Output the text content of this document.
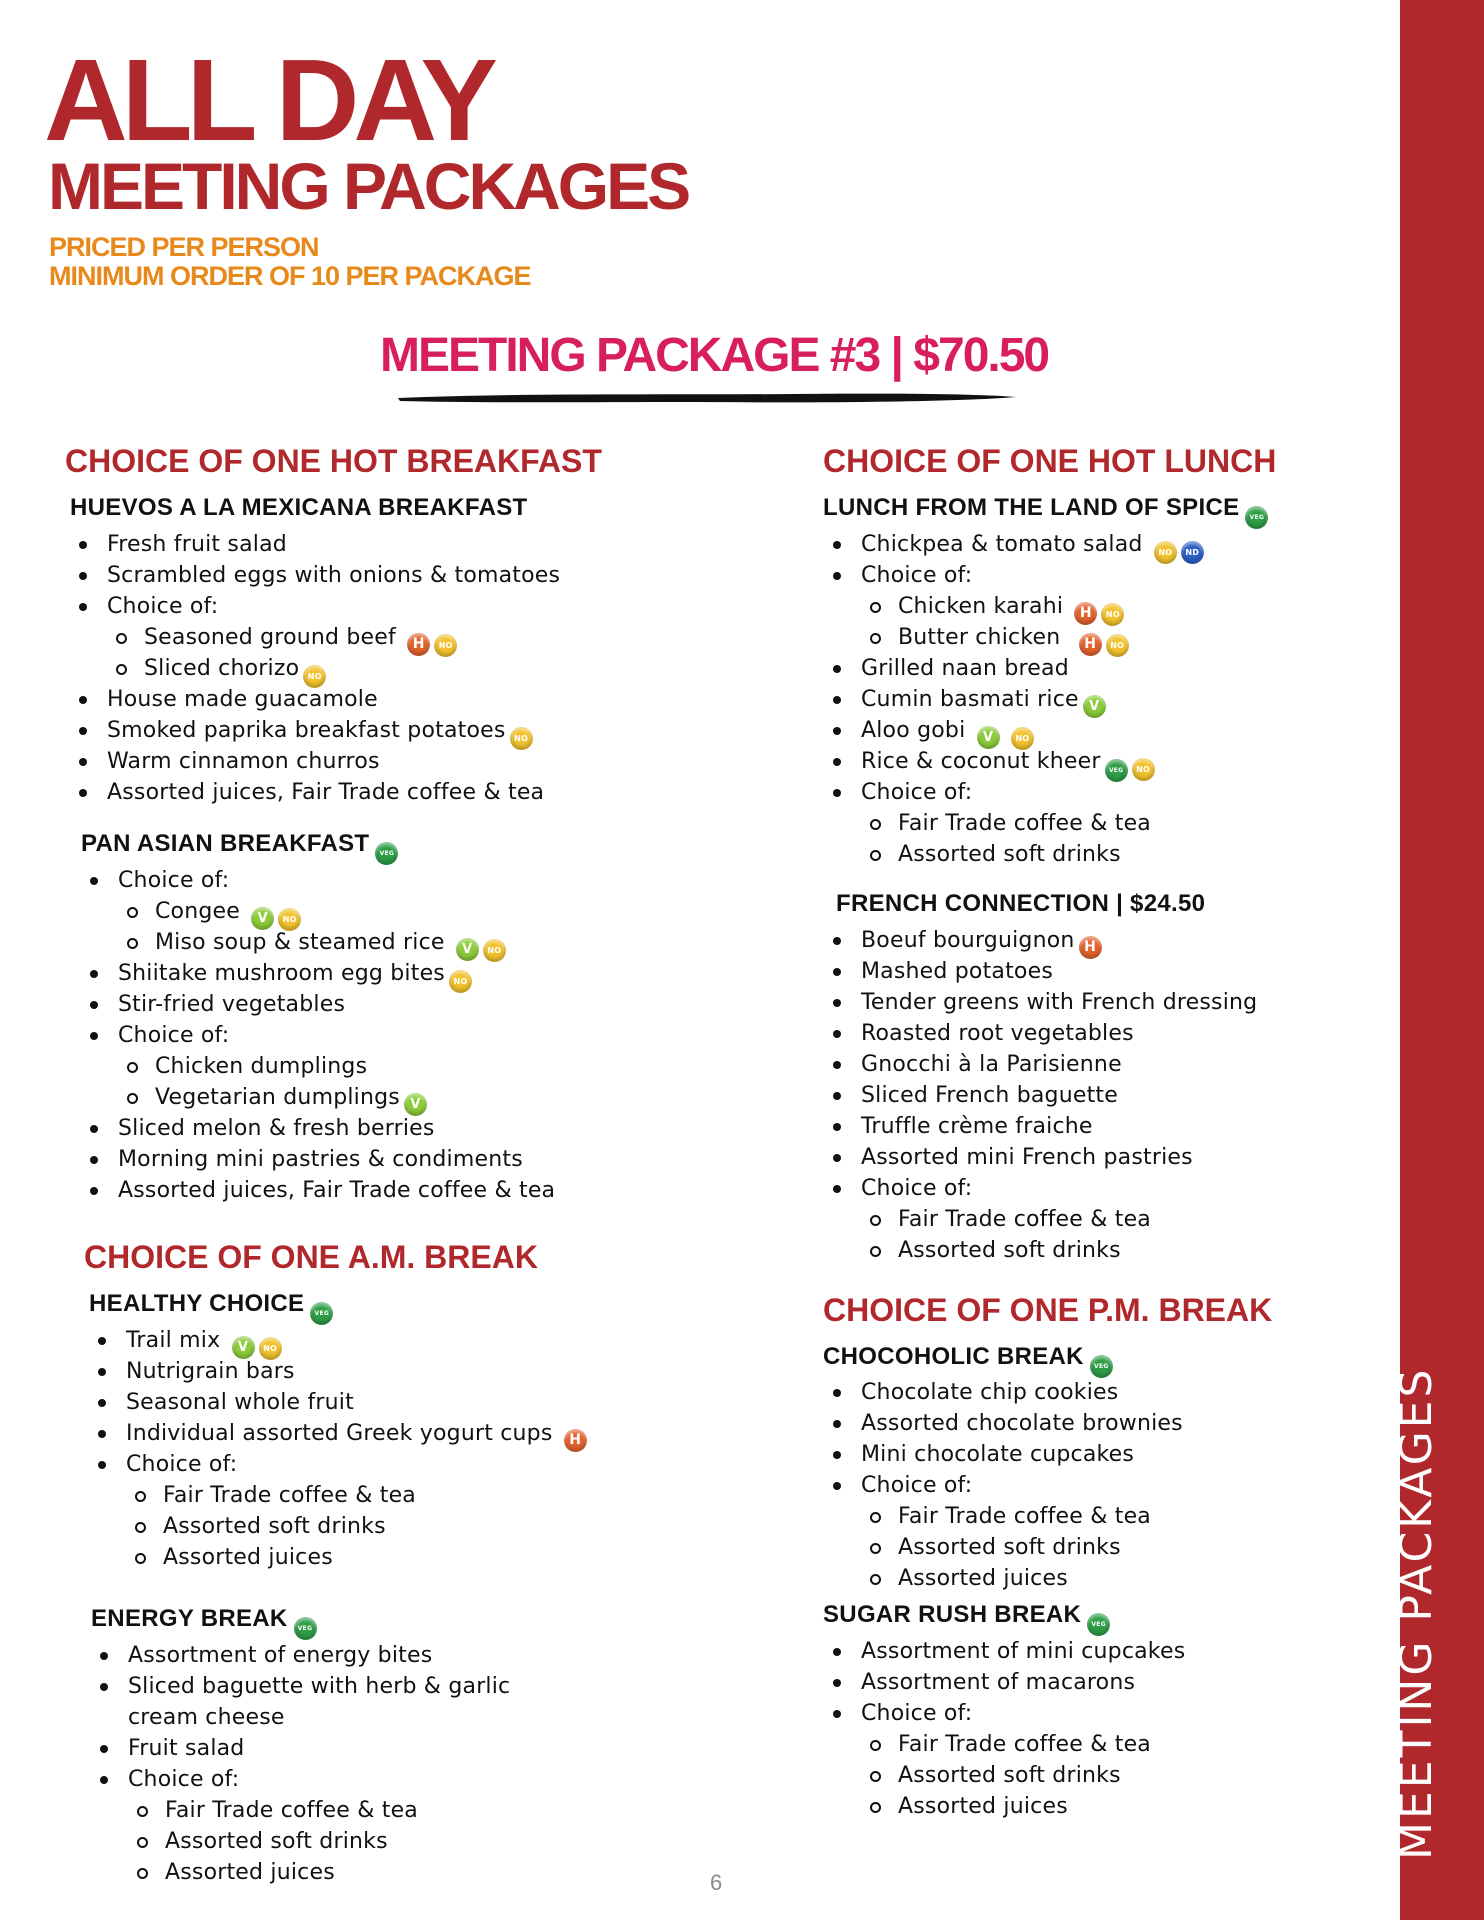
MEETING PACKAGES
ALL DAY
MEETING PACKAGES

PRICED PER PERSON

MINIMUM ORDER OF 10 PER PACKAGE

MEETING PACKAGE #3 | $70.50
CHOICE OF ONE HOT BREAKFAST
HUEVOS A LA MEXICANA BREAKFAST
Fresh fruit salad
Scrambled eggs with onions & tomatoes
Choice of:
Seasoned ground beef H NO
Sliced chorizo NO
House made guacamole
Smoked paprika breakfast potatoes NO
Warm cinnamon churros
Assorted juices, Fair Trade coffee & tea
PAN ASIAN BREAKFAST VEG
Choice of:
Congee V NO
Miso soup & steamed rice V NO
Shiitake mushroom egg bites NO
Stir-fried vegetables
Choice of:
Chicken dumplings
Vegetarian dumplings V
Sliced melon & fresh berries
Morning mini pastries & condiments
Assorted juices, Fair Trade coffee & tea
CHOICE OF ONE A.M. BREAK
HEALTHY CHOICE VEG
Trail mix V NO
Nutrigrain bars
Seasonal whole fruit
Individual assorted Greek yogurt cups H
Choice of:
Fair Trade coffee & tea
Assorted soft drinks
Assorted juices
ENERGY BREAK VEG
Assortment of energy bites
Sliced baguette with herb & garlic
cream cheese
Fruit salad
Choice of:
Fair Trade coffee & tea
Assorted soft drinks
Assorted juices
CHOICE OF ONE HOT LUNCH
LUNCH FROM THE LAND OF SPICE VEG
Chickpea & tomato salad NO ND
Choice of:
Chicken karahi H NO
Butter chicken H NO
Grilled naan bread
Cumin basmati rice V
Aloo gobi V	NO
Rice & coconut kheer VEG NO
Choice of:
Fair Trade coffee & tea
Assorted soft drinks
FRENCH CONNECTION | $24.50
Boeuf bourguignon H
Mashed potatoes
Tender greens with French dressing
Roasted root vegetables
Gnocchi à la Parisienne
Sliced French baguette
Truffle crème fraiche
Assorted mini French pastries
Choice of:
Fair Trade coffee & tea
Assorted soft drinks
CHOICE OF ONE P.M. BREAK
CHOCOHOLIC BREAK VEG
Chocolate chip cookies
Assorted chocolate brownies
Mini chocolate cupcakes
Choice of:
Fair Trade coffee & tea
Assorted soft drinks
Assorted juices
SUGAR RUSH BREAK VEG
Assortment of mini cupcakes
Assortment of macarons
Choice of:
Fair Trade coffee & tea
Assorted soft drinks
Assorted juices

6
